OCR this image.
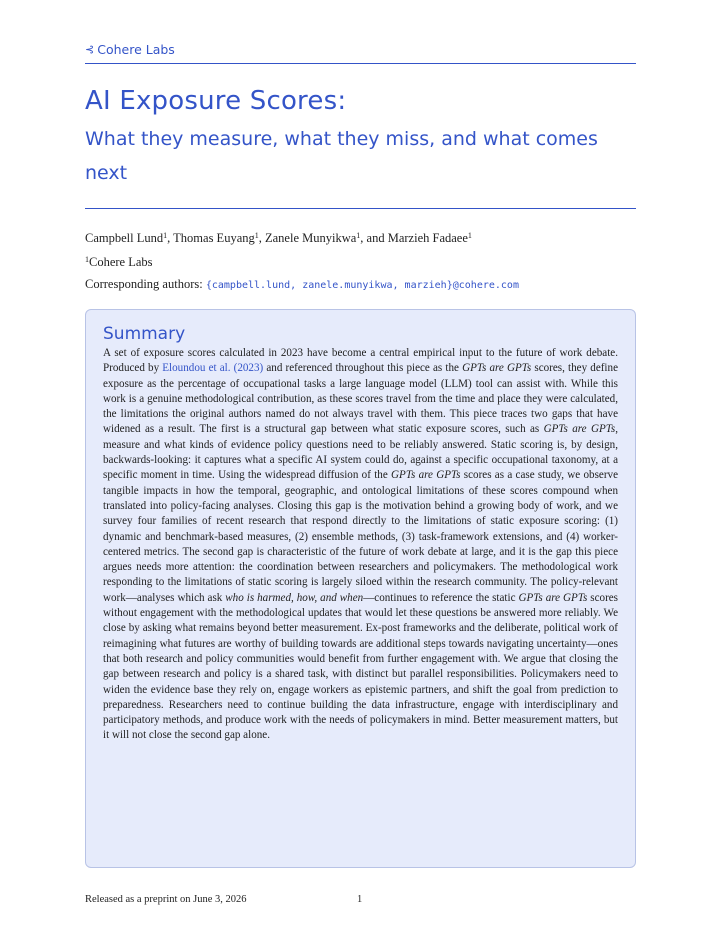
⊰ Cohere Labs
AI Exposure Scores:
What they measure, what they miss, and what comes next
Campbell Lund$^1$, Thomas Euyang$^1$, Zanele Munyikwa$^1$, and Marzieh Fadaee$^1$
$^1$Cohere Labs
Corresponding authors: {campbell.lund, zanele.munyikwa, marzieh}@cohere.com
Summary

A set of exposure scores calculated in 2023 have become a central empirical input to the future of work debate. Produced by Eloundou et al. (2023) and referenced throughout this piece as the GPTs are GPTs scores, they define exposure as the percentage of occupational tasks a large language model (LLM) tool can assist with. While this work is a genuine methodological contribution, as these scores travel from the time and place they were calculated, the limitations the original authors named do not always travel with them. This piece traces two gaps that have widened as a result. The first is a structural gap between what static exposure scores, such as GPTs are GPTs, measure and what kinds of evidence policy questions need to be reliably answered. Static scoring is, by design, backwards-looking: it captures what a specific AI system could do, against a specific occupational taxonomy, at a specific moment in time. Using the widespread diffusion of the GPTs are GPTs scores as a case study, we observe tangible impacts in how the temporal, geographic, and ontological limitations of these scores compound when translated into policy-facing analyses. Closing this gap is the motivation behind a growing body of work, and we survey four families of recent research that respond directly to the limitations of static exposure scoring: (1) dynamic and benchmark-based measures, (2) ensemble methods, (3) task-framework extensions, and (4) worker-centered metrics. The second gap is characteristic of the future of work debate at large, and it is the gap this piece argues needs more attention: the coordination between researchers and policymakers. The methodological work responding to the limitations of static scoring is largely siloed within the research community. The policy-relevant work—analyses which ask who is harmed, how, and when—continues to reference the static GPTs are GPTs scores without engagement with the methodological updates that would let these questions be answered more reliably. We close by asking what remains beyond better measurement. Ex-post frameworks and the deliberate, political work of reimagining what futures are worthy of building towards are additional steps towards navigating uncertainty—ones that both research and policy communities would benefit from further engagement with. We argue that closing the gap between research and policy is a shared task, with distinct but parallel responsibilities. Policymakers need to widen the evidence base they rely on, engage workers as epistemic partners, and shift the goal from prediction to preparedness. Researchers need to continue building the data infrastructure, engage with interdisciplinary and participatory methods, and produce work with the needs of policymakers in mind. Better measurement matters, but it will not close the second gap alone.

Released as a preprint on June 3, 2026	1
